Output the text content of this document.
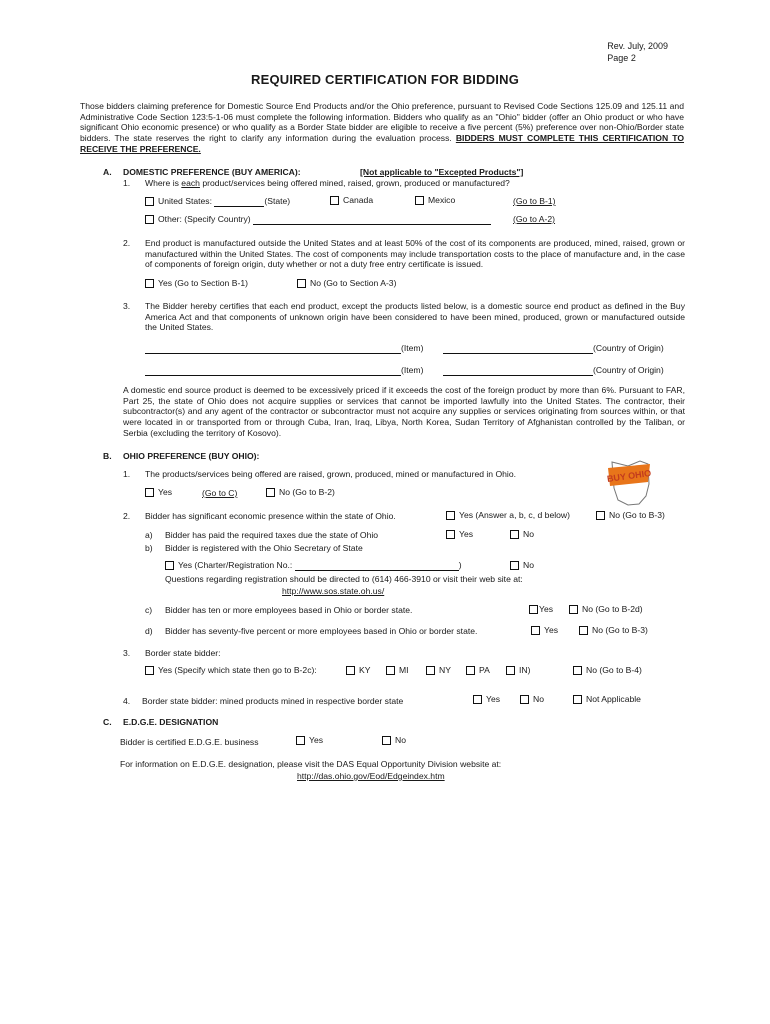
Rev. July, 2009
Page 2
REQUIRED CERTIFICATION FOR BIDDING
Those bidders claiming preference for Domestic Source End Products and/or the Ohio preference, pursuant to Revised Code Sections 125.09 and 125.11 and Administrative Code Section 123:5-1-06 must complete the following information. Bidders who qualify as an "Ohio" bidder (offer an Ohio product or who have significant Ohio economic presence) or who qualify as a Border State bidder are eligible to receive a five percent (5%) preference over non-Ohio/Border state bidders. The state reserves the right to clarify any information during the evaluation process. BIDDERS MUST COMPLETE THIS CERTIFICATION TO RECEIVE THE PREFERENCE.
A. DOMESTIC PREFERENCE (BUY AMERICA):	[Not applicable to "Excepted Products"]
1. Where is each product/services being offered mined, raised, grown, produced or manufactured?
United States:	(State)	Canada	Mexico	(Go to B-1)
Other: (Specify Country)	(Go to A-2)
2. End product is manufactured outside the United States and at least 50% of the cost of its components are produced, mined, raised, grown or manufactured within the United States. The cost of components may include transportation costs to the place of manufacture and, in the case of components of foreign origin, duty whether or not a duty free entry certificate is issued.
Yes (Go to Section B-1)	No (Go to Section A-3)
3. The Bidder hereby certifies that each end product, except the products listed below, is a domestic source end product as defined in the Buy America Act and that components of unknown origin have been considered to have been mined, produced, grown or manufactured outside the United States.
(Item)	(Country of Origin)
(Item)	(Country of Origin)
A domestic end source product is deemed to be excessively priced if it exceeds the cost of the foreign product by more than 6%. Pursuant to FAR, Part 25, the state of Ohio does not acquire supplies or services that cannot be imported lawfully into the United States. The contractor, their subcontractor(s) and any agent of the contractor or subcontractor must not acquire any supplies or services originating from sources within, or that were located in or transported from or through Cuba, Iran, Iraq, Libya, North Korea, Sudan Territory of Afghanistan controlled by the Taliban, or Serbia (excluding the territory of Kosovo).
B. OHIO PREFERENCE (BUY OHIO):
BUY OHIO
1. The products/services being offered are raised, grown, produced, mined or manufactured in Ohio.
Yes	(Go to C)	No (Go to B-2)
2. Bidder has significant economic presence within the state of Ohio.	Yes (Answer a, b, c, d below)	No (Go to B-3)
a) Bidder has paid the required taxes due the state of Ohio	Yes	No
b) Bidder is registered with the Ohio Secretary of State
Yes (Charter/Registration No.:	)	No
Questions regarding registration should be directed to (614) 466-3910 or visit their web site at:
http://www.sos.state.oh.us/
c) Bidder has ten or more employees based in Ohio or border state.	Yes	No (Go to B-2d)
d) Bidder has seventy-five percent or more employees based in Ohio or border state.	Yes	No (Go to B-3)
3. Border state bidder:
Yes (Specify which state then go to B-2c):	KY	MI	NY	PA	IN)	No (Go to B-4)
4. Border state bidder: mined products mined in respective border state	Yes	No	Not Applicable
C. E.D.G.E. DESIGNATION
Bidder is certified E.D.G.E. business	Yes	No
For information on E.D.G.E. designation, please visit the DAS Equal Opportunity Division website at:
http://das.ohio.gov/Eod/Edgeindex.htm
